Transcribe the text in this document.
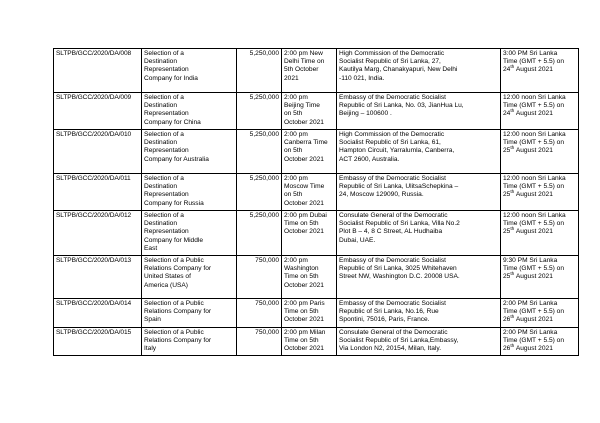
SLTPB/GCC/2020/DA/008	Selection of a
Destination
Representation
Company for India	5,250,000	2:00 pm New
Delhi Time on
5th October
2021	High Commission of the Democratic
Socialist Republic of Sri Lanka, 27,
Kautilya Marg, Chanakyapuri, New Delhi
-110 021, India.	3:00 PM Sri Lanka
Time (GMT + 5.5) on
24th August 2021

SLTPB/GCC/2020/DA/009	Selection of a
Destination
Representation
Company for China	5,250,000	2:00 pm
Beijing Time
on 5th
October 2021	Embassy of the Democratic Socialist
Republic of Sri Lanka, No. 03, JianHua Lu,
Beijing – 100600 .	12:00 noon Sri Lanka
Time (GMT + 5.5) on
24th August 2021

SLTPB/GCC/2020/DA/010	Selection of a
Destination
Representation
Company for Australia	5,250,000	2:00 pm
Canberra Time
on 5th
October 2021	High Commission of the Democratic
Socialist Republic of Sri Lanka, 61,
Hampton Circuit, Yarralumla, Canberra,
ACT 2600, Australia.	12:00 noon Sri Lanka
Time (GMT + 5.5) on
25th August 2021

SLTPB/GCC/2020/DA/011	Selection of a
Destination
Representation
Company for Russia	5,250,000	2:00 pm
Moscow Time
on 5th
October 2021	Embassy of the Democratic Socialist
Republic of Sri Lanka, UlitsaSchepkina –
24, Moscow 129090, Russia.	12:00 noon Sri Lanka
Time (GMT + 5.5) on
25th August 2021

SLTPB/GCC/2020/DA/012	Selection of a
Destination
Representation
Company for Middle
East	5,250,000	2:00 pm Dubai
Time on 5th
October 2021	Consulate General of the Democratic
Socialist Republic of Sri Lanka, Villa No.2
Plot B – 4, 8 C Street, AL Hudhaiba
Dubai, UAE.	12:00 noon Sri Lanka
Time (GMT + 5.5) on
25th August 2021

SLTPB/GCC/2020/DA/013	Selection of a Public
Relations Company for
United States of
America (USA)	750,000	2:00 pm
Washington
Time on 5th
October 2021	Embassy of the Democratic Socialist
Republic of Sri Lanka, 3025 Whitehaven
Street NW, Washington D.C. 20008 USA.	9:30 PM Sri Lanka
Time (GMT + 5.5) on
25th August 2021

SLTPB/GCC/2020/DA/014	Selection of a Public
Relations Company for
Spain	750,000	2:00 pm Paris
Time on 5th
October 2021	Embassy of the Democratic Socialist
Republic of Sri Lanka, No.16, Rue
Spontini, 75016, Paris, France.	2:00 PM Sri Lanka
Time (GMT + 5.5) on
26th August 2021

SLTPB/GCC/2020/DA/015	Selection of a Public
Relations Company for
Italy	750,000	2:00 pm Milan
Time on 5th
October 2021	Consulate General of the Democratic
Socialist Republic of Sri Lanka,Embassy,
Via London N2, 20154, Milan, Italy.	2:00 PM Sri Lanka
Time (GMT + 5.5) on
26th August 2021
